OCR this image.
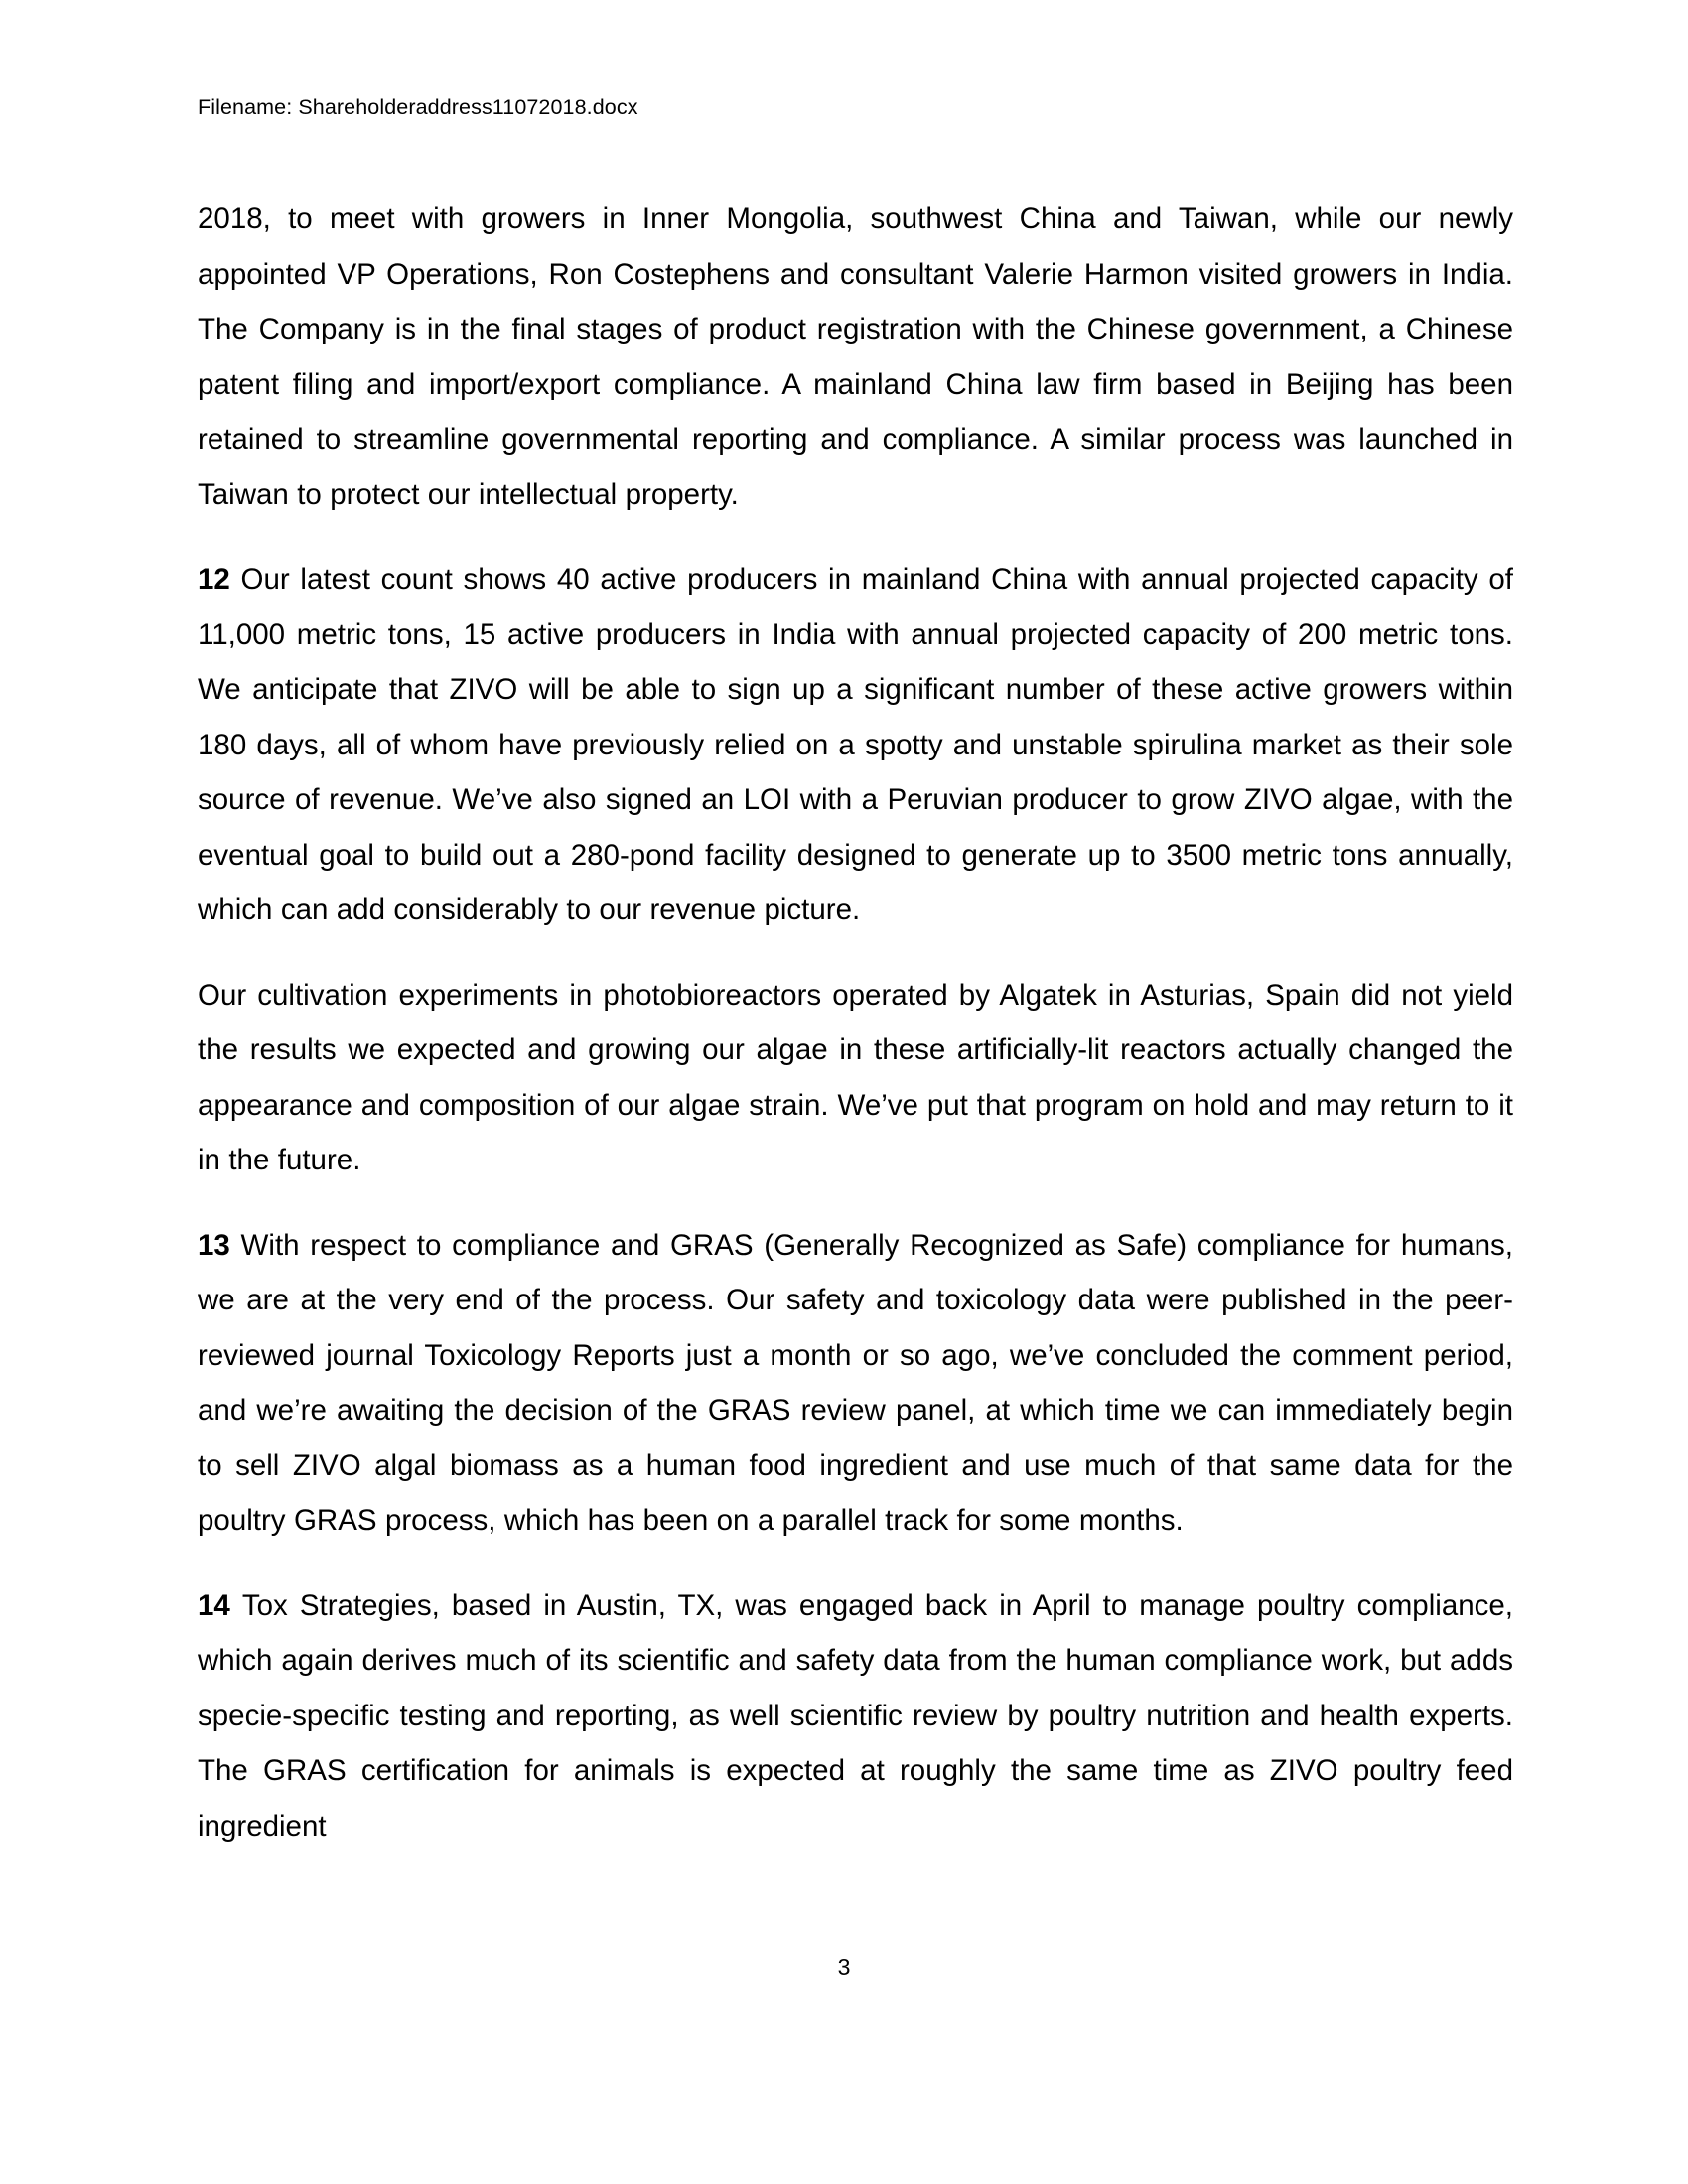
Filename: Shareholderaddress11072018.docx

2018, to meet with growers in Inner Mongolia, southwest China and Taiwan, while our newly appointed VP Operations, Ron Costephens and consultant Valerie Harmon visited growers in India. The Company is in the final stages of product registration with the Chinese government, a Chinese patent filing and import/export compliance. A mainland China law firm based in Beijing has been retained to streamline governmental reporting and compliance. A similar process was launched in Taiwan to protect our intellectual property.

12 Our latest count shows 40 active producers in mainland China with annual projected capacity of 11,000 metric tons, 15 active producers in India with annual projected capacity of 200 metric tons. We anticipate that ZIVO will be able to sign up a significant number of these active growers within 180 days, all of whom have previously relied on a spotty and unstable spirulina market as their sole source of revenue. We’ve also signed an LOI with a Peruvian producer to grow ZIVO algae, with the eventual goal to build out a 280-pond facility designed to generate up to 3500 metric tons annually, which can add considerably to our revenue picture.

Our cultivation experiments in photobioreactors operated by Algatek in Asturias, Spain did not yield the results we expected and growing our algae in these artificially-lit reactors actually changed the appearance and composition of our algae strain. We’ve put that program on hold and may return to it in the future.

13 With respect to compliance and GRAS (Generally Recognized as Safe) compliance for humans, we are at the very end of the process. Our safety and toxicology data were published in the peer-reviewed journal Toxicology Reports just a month or so ago, we’ve concluded the comment period, and we’re awaiting the decision of the GRAS review panel, at which time we can immediately begin to sell ZIVO algal biomass as a human food ingredient and use much of that same data for the poultry GRAS process, which has been on a parallel track for some months.

14 Tox Strategies, based in Austin, TX, was engaged back in April to manage poultry compliance, which again derives much of its scientific and safety data from the human compliance work, but adds specie-specific testing and reporting, as well scientific review by poultry nutrition and health experts. The GRAS certification for animals is expected at roughly the same time as ZIVO poultry feed ingredient

3
